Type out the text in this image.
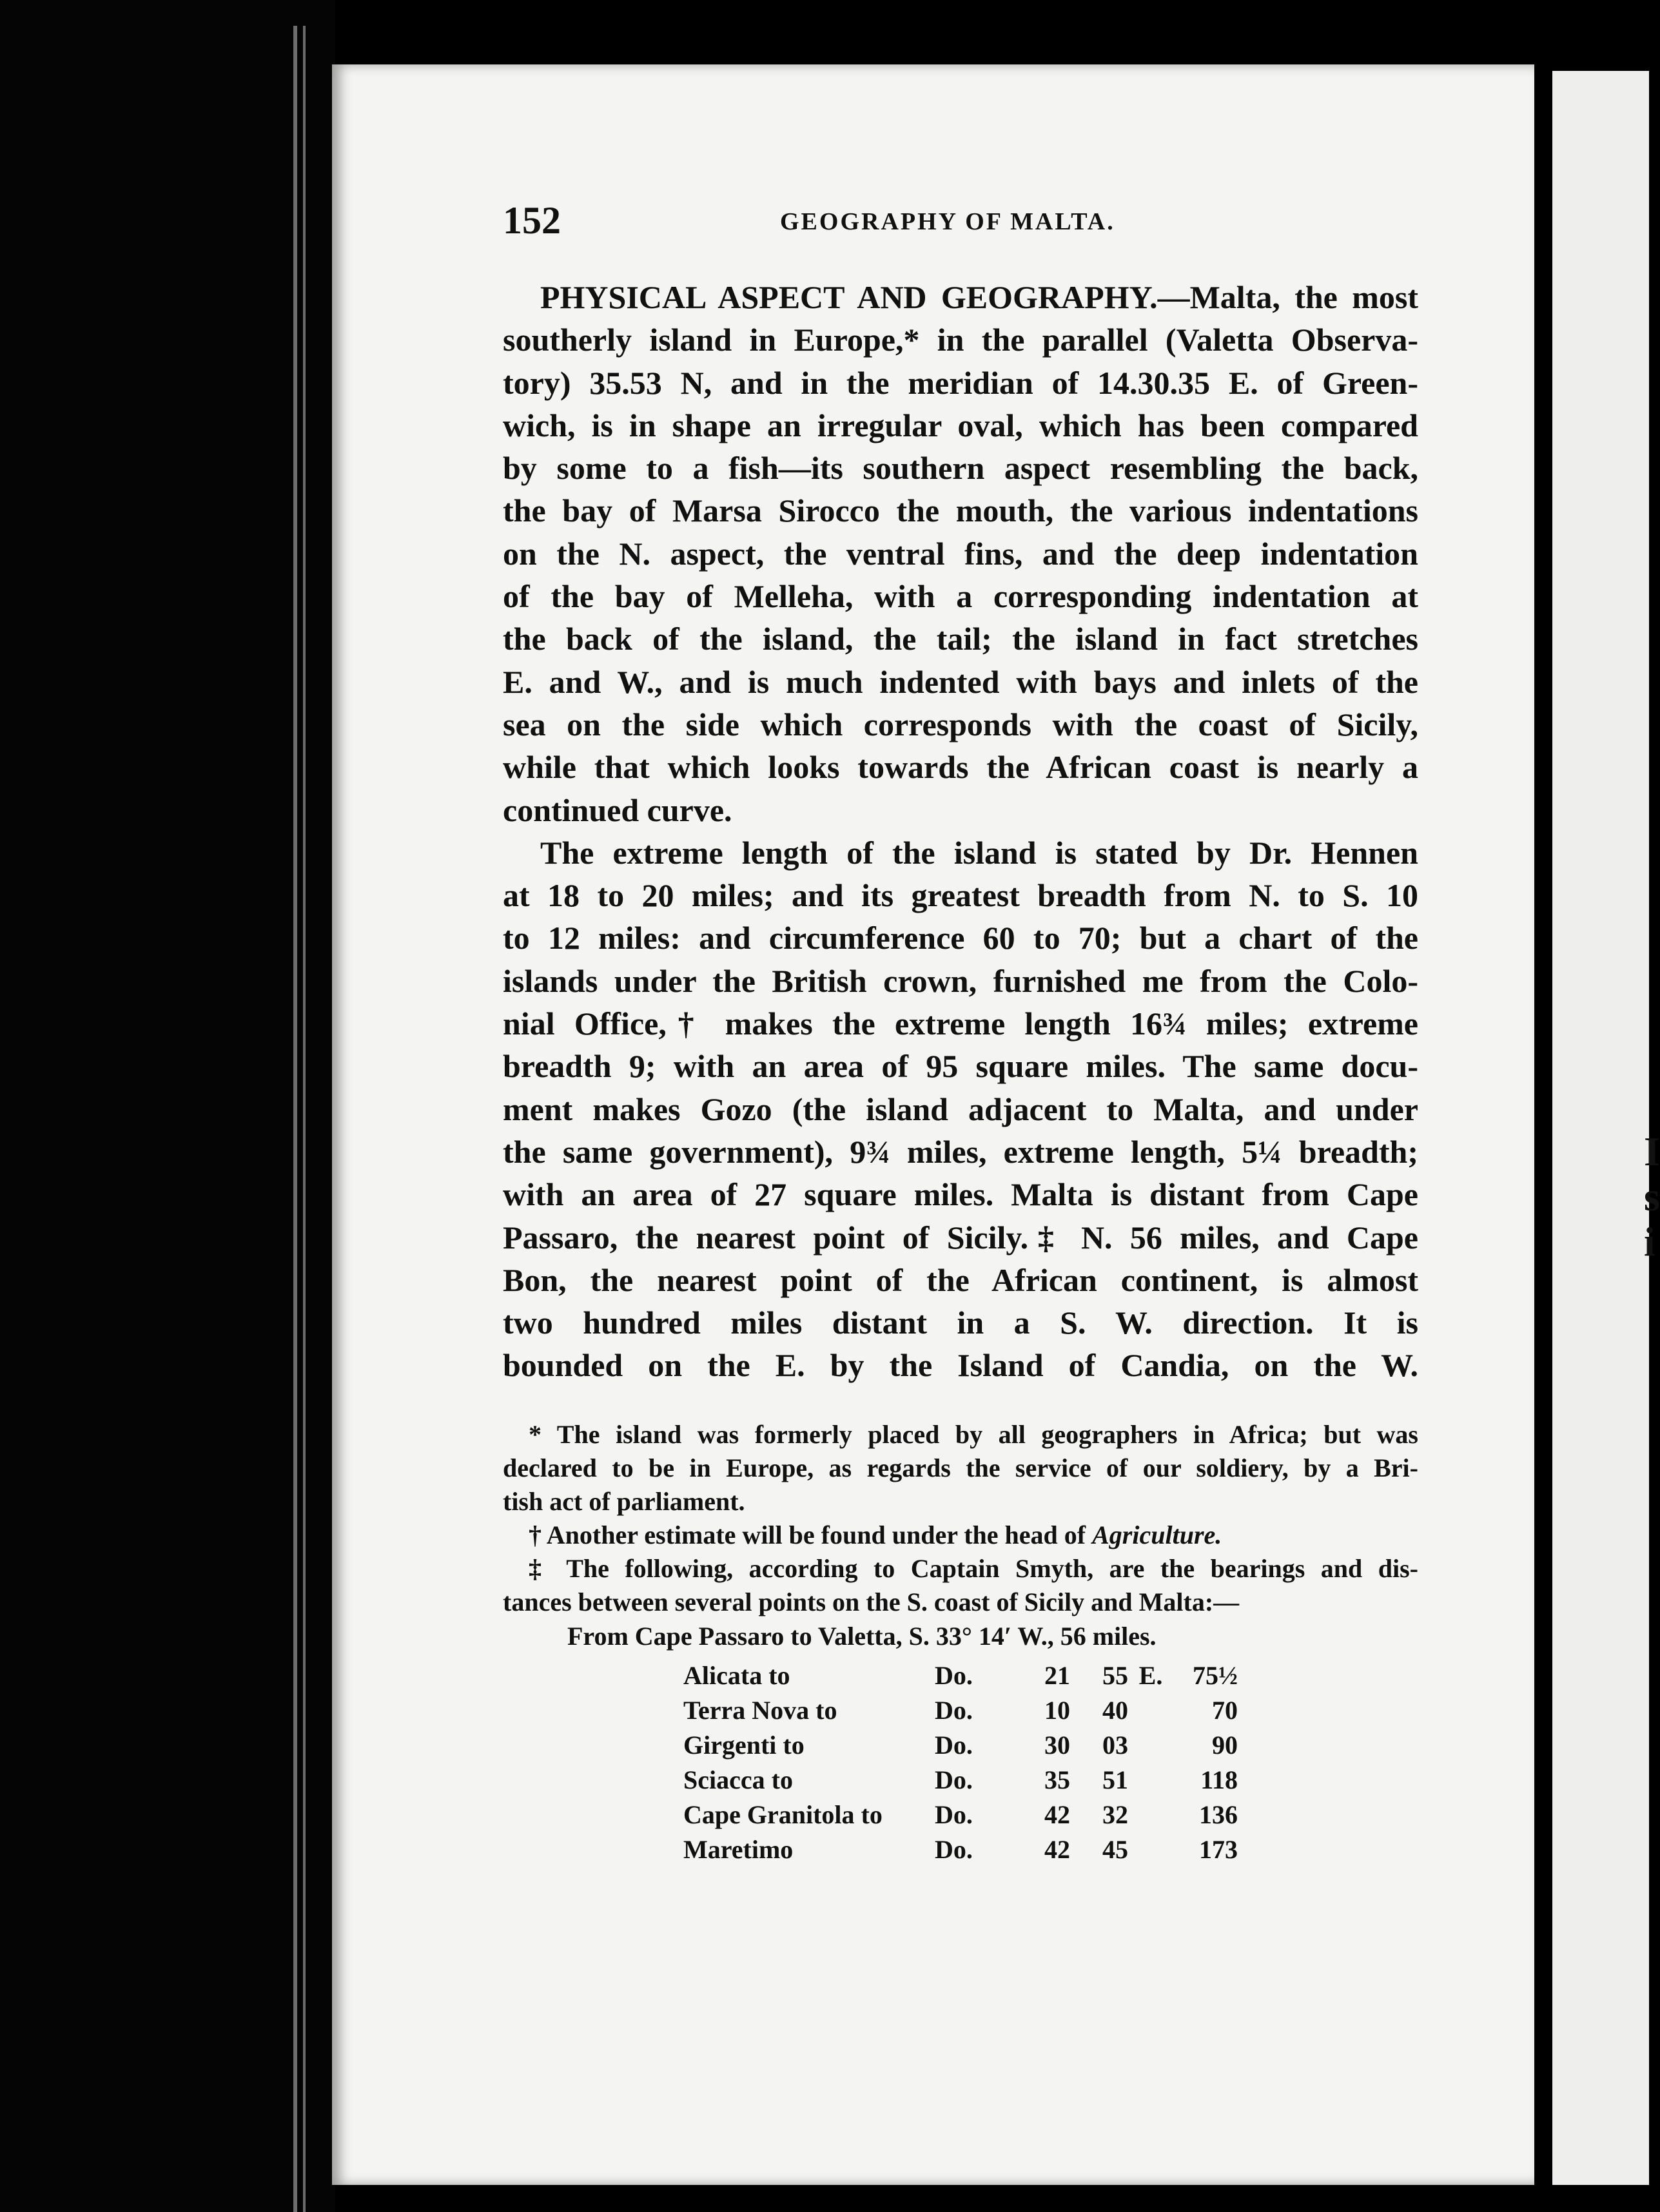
I
s
i
152	GEOGRAPHY OF MALTA.
PHYSICAL ASPECT AND GEOGRAPHY.—Malta, the most
southerly island in Europe,* in the parallel (Valetta Observa-
tory) 35.53 N, and in the meridian of 14.30.35 E. of Green-
wich, is in shape an irregular oval, which has been compared
by some to a fish—its southern aspect resembling the back,
the bay of Marsa Sirocco the mouth, the various indentations
on the N. aspect, the ventral fins, and the deep indentation
of the bay of Melleha, with a corresponding indentation at
the back of the island, the tail; the island in fact stretches
E. and W., and is much indented with bays and inlets of the
sea on the side which corresponds with the coast of Sicily,
while that which looks towards the African coast is nearly a
continued curve.
The extreme length of the island is stated by Dr. Hennen
at 18 to 20 miles; and its greatest breadth from N. to S. 10
to 12 miles: and circumference 60 to 70; but a chart of the
islands under the British crown, furnished me from the Colo-
nial Office,† makes the extreme length 16¾ miles; extreme
breadth 9; with an area of 95 square miles. The same docu-
ment makes Gozo (the island adjacent to Malta, and under
the same government), 9¾ miles, extreme length, 5¼ breadth;
with an area of 27 square miles. Malta is distant from Cape
Passaro, the nearest point of Sicily.‡ N. 56 miles, and Cape
Bon, the nearest point of the African continent, is almost
two hundred miles distant in a S. W. direction. It is
bounded on the E. by the Island of Candia, on the W.
* The island was formerly placed by all geographers in Africa; but was
declared to be in Europe, as regards the service of our soldiery, by a Bri-
tish act of parliament.
† Another estimate will be found under the head of Agriculture.
‡ The following, according to Captain Smyth, are the bearings and dis-
tances between several points on the S. coast of Sicily and Malta:—
From Cape Passaro to Valetta, S. 33° 14′ W., 56 miles.
Alicata to	Do.	21	55	E.	75½
Terra Nova to	Do.	10	40		70
Girgenti to	Do.	30	03		90
Sciacca to	Do.	35	51		118
Cape Granitola to	Do.	42	32		136
Maretimo	Do.	42	45		173
